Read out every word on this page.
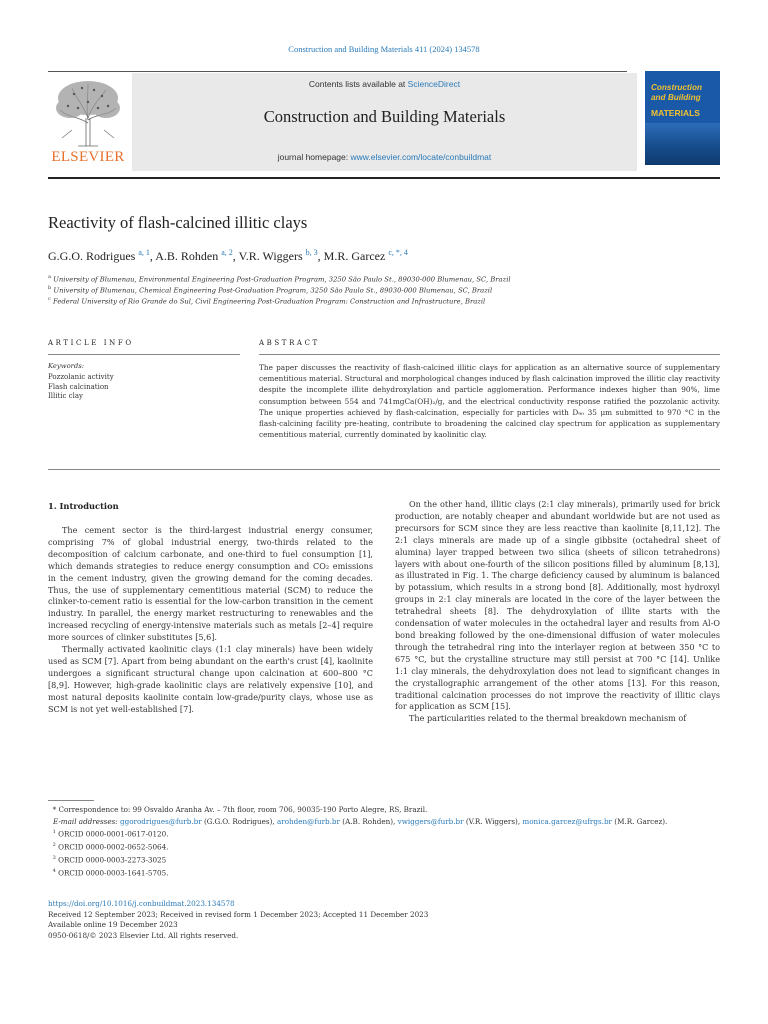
Construction and Building Materials 411 (2024) 134578
ELSEVIER
Contents lists available at ScienceDirect
Construction and Building Materials
journal homepage: www.elsevier.com/locate/conbuildmat
Construction
and Building
MATERIALS
Reactivity of flash-calcined illitic clays
G.G.O. Rodrigues $^{a, 1}$, A.B. Rohden $^{a, 2}$, V.R. Wiggers $^{b, 3}$, M.R. Garcez $^{c, *, 4}$
$^a$ University of Blumenau, Environmental Engineering Post-Graduation Program, 3250 São Paulo St., 89030-000 Blumenau, SC, Brazil
$^b$ University of Blumenau, Chemical Engineering Post-Graduation Program, 3250 São Paulo St., 89030-000 Blumenau, SC, Brazil
$^c$ Federal University of Rio Grande do Sul, Civil Engineering Post-Graduation Program: Construction and Infrastructure, Brazil
ARTICLE INFO
Keywords:
Pozzolanic activity
Flash calcination
Illitic clay
ABSTRACT
The paper discusses the reactivity of flash-calcined illitic clays for application as an alternative source of supplementary cementitious material. Structural and morphological changes induced by flash calcination improved the illitic clay reactivity despite the incomplete illite dehydroxylation and particle agglomeration. Performance indexes higher than 90%, lime consumption between 554 and 741mgCa(OH)₂/g, and the electrical conductivity response ratified the pozzolanic activity. The unique properties achieved by flash-calcination, especially for particles with D₉₀ 35 μm submitted to 970 °C in the flash-calcining facility pre-heating, contribute to broadening the calcined clay spectrum for application as supplementary cementitious material, currently dominated by kaolinitic clay.
1. Introduction

The cement sector is the third-largest industrial energy consumer, comprising 7% of global industrial energy, two-thirds related to the decomposition of calcium carbonate, and one-third to fuel consumption [1], which demands strategies to reduce energy consumption and CO₂ emissions in the cement industry, given the growing demand for the coming decades. Thus, the use of supplementary cementitious material (SCM) to reduce the clinker-to-cement ratio is essential for the low-carbon transition in the cement industry. In parallel, the energy market restructuring to renewables and the increased recycling of energy-intensive materials such as metals [2–4] require more sources of clinker substitutes [5,6].

Thermally activated kaolinitic clays (1:1 clay minerals) have been widely used as SCM [7]. Apart from being abundant on the earth's crust [4], kaolinite undergoes a significant structural change upon calcination at 600–800 °C [8,9]. However, high-grade kaolinitic clays are relatively expensive [10], and most natural deposits kaolinite contain low-grade/purity clays, whose use as SCM is not yet well-established [7].

On the other hand, illitic clays (2:1 clay minerals), primarily used for brick production, are notably cheaper and abundant worldwide but are not used as precursors for SCM since they are less reactive than kaolinite [8,11,12]. The 2:1 clays minerals are made up of a single gibbsite (octahedral sheet of alumina) layer trapped between two silica (sheets of silicon tetrahedrons) layers with about one-fourth of the silicon positions filled by aluminum [8,13], as illustrated in Fig. 1. The charge deficiency caused by aluminum is balanced by potassium, which results in a strong bond [8]. Additionally, most hydroxyl groups in 2:1 clay minerals are located in the core of the layer between the tetrahedral sheets [8]. The dehydroxylation of illite starts with the condensation of water molecules in the octahedral layer and results from Al-O bond breaking followed by the one-dimensional diffusion of water molecules through the tetrahedral ring into the interlayer region at between 350 °C to 675 °C, but the crystalline structure may still persist at 700 °C [14]. Unlike 1:1 clay minerals, the dehydroxylation does not lead to significant changes in the crystallographic arrangement of the other atoms [13]. For this reason, traditional calcination processes do not improve the reactivity of illitic clays for application as SCM [15].

The particularities related to the thermal breakdown mechanism of

* Correspondence to: 99 Osvaldo Aranha Av. – 7th floor, room 706, 90035-190 Porto Alegre, RS, Brazil.
E-mail addresses: ggorodrigues@furb.br (G.G.O. Rodrigues), arohden@furb.br (A.B. Rohden), vwiggers@furb.br (V.R. Wiggers), monica.garcez@ufrgs.br (M.R. Garcez).
$^1$ ORCID 0000-0001-0617-0120.
$^2$ ORCID 0000-0002-0652-5064.
$^3$ ORCID 0000-0003-2273-3025
$^4$ ORCID 0000-0003-1641-5705.
https://doi.org/10.1016/j.conbuildmat.2023.134578
Received 12 September 2023; Received in revised form 1 December 2023; Accepted 11 December 2023
Available online 19 December 2023
0950-0618/© 2023 Elsevier Ltd. All rights reserved.
